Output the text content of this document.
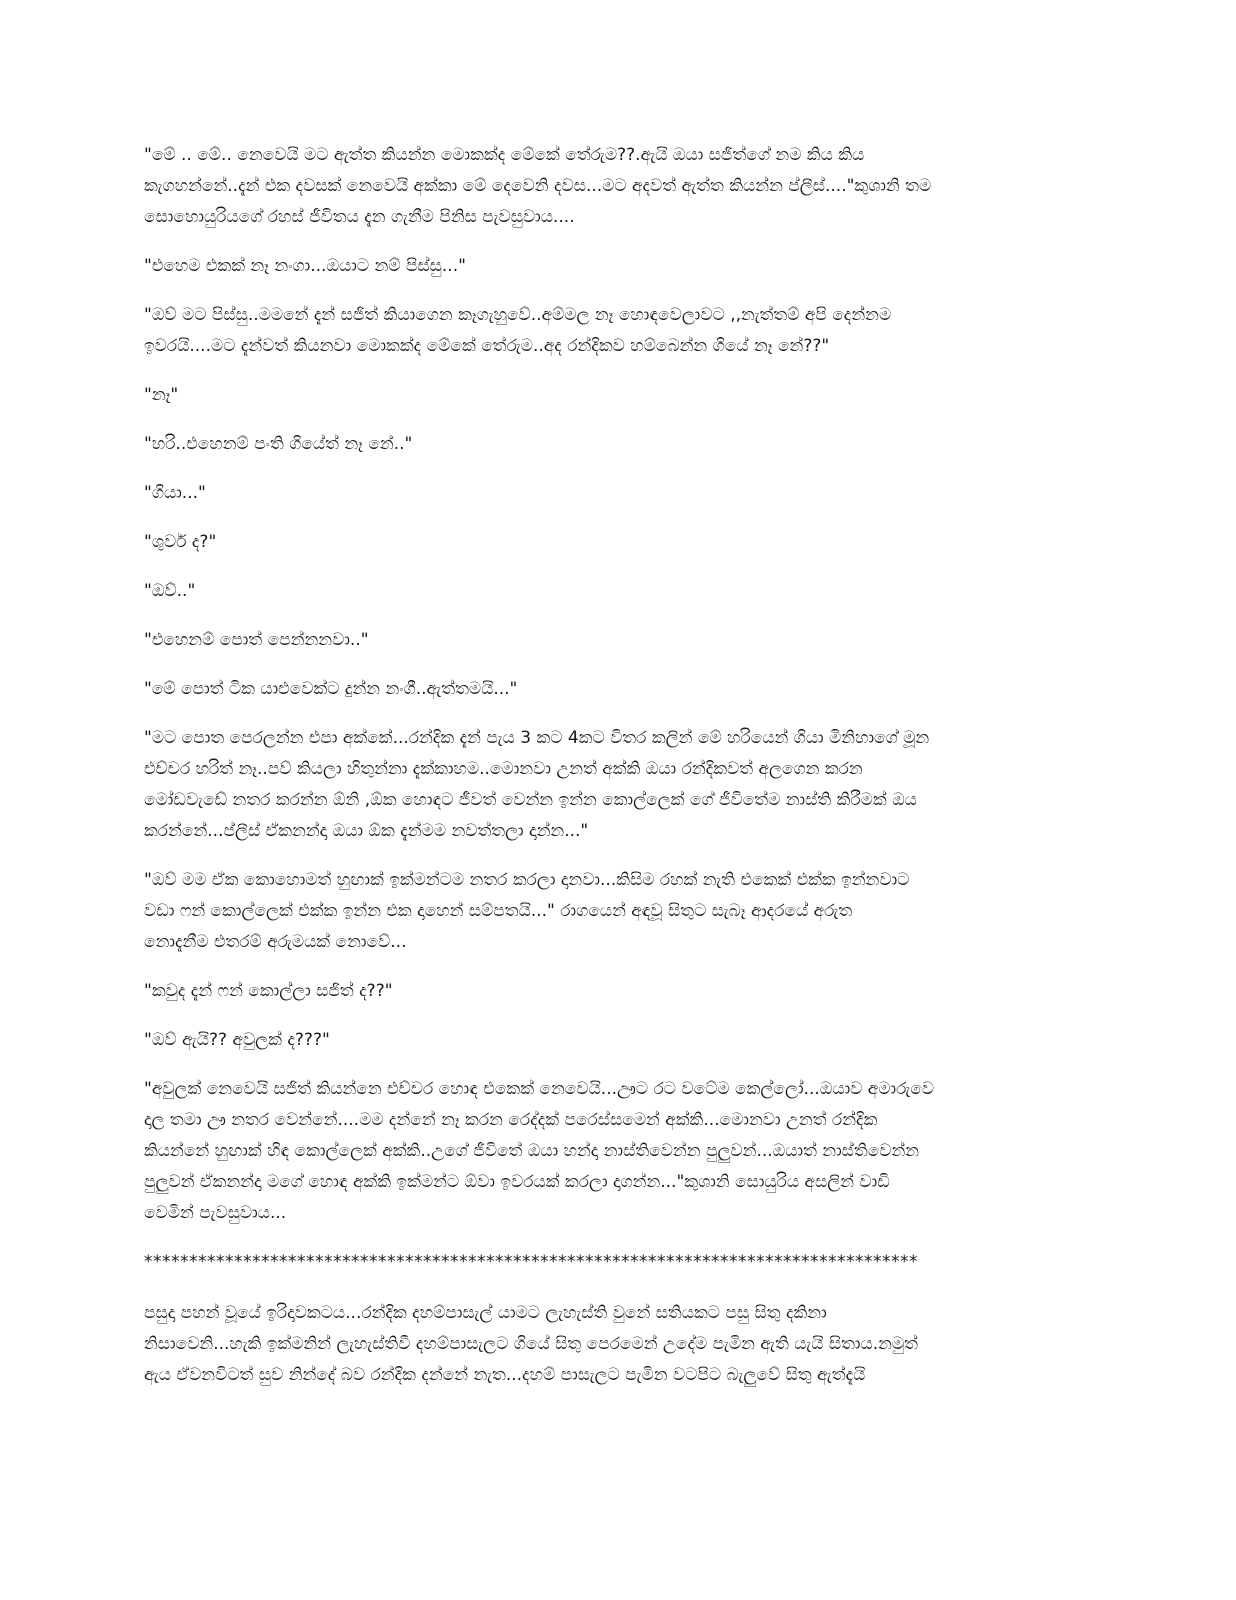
"මේ .. මේ.. නෙවෙයි මට ඇත්ත කියන්න මොකක්ද මේකේ තේරුම??.ඇයි ඔයා සජිත්ගේ නම කිය කිය
කැගහන්නේ..දැන් එක දවසක් නෙවෙයි අක්කා මේ දෙවෙනි දවස...මට අදවත් ඇත්ත කියන්න ප්ලීස්...."කුශානි තම
සොහොයුරියගේ රහස් ජීවිතය දැන ගැනීම පිනිස පැවසුවාය....

"එහෙම එකක් නෑ නංගා...ඔයාට නම් පිස්සු..."

"ඔව් මට පිස්සු..මමනේ දැන් සජිත් කියාගෙන කෑගැහුවේ..අම්මල නෑ හොඳවෙලාවට ,,නැත්තම් අපි දෙන්නම
ඉවරයි....මට දැන්වත් කියනවා මොකක්ද මේකේ තේරුම..අද රන්දිකව හම්බෙන්න ගියේ නෑ නේ??"

"නෑ"

"හරි..එහෙනම් පංති ගියේත් නෑ නේ.."

"ගියා..."

"ශුවර් ද?"

"ඔව්.."

"එහෙනම් පොත් පෙන්නනවා.."

"මේ පොත් ටික යාළුවෙක්ට දුන්න නංගී..ඇත්තමයි..."

"මට පොත පෙරලන්න එපා අක්කේ...රන්දික දැන් පැය 3 කට 4කට විතර කලින් මේ හරියෙන් ගියා මිනිහාගේ මූන
එච්චර හරිත් නෑ..පව් කියලා හිතුන්නා දැක්කාහම..මොනවා උනත් අක්කි ඔයා රන්දිකවත් අලගෙන කරන
මෝඩවැඩේ නතර කරන්න ඕනි ,ඕක හොඳට ජීවත් වෙන්න ඉන්න කොල්ලෙක් ගේ ජීවිතේම නාස්ති කිරීමක් ඔය
කරන්නේ...ප්ලීස් ඒකනන්දා ඔයා ඕක දැන්මම නවත්තලා දාන්න..."

"ඔව් මම ඒක කොහොමත් හුඟාක් ඉක්මන්ටම නතර කරලා දානවා...කිසිම රහක් නැති එකෙක් එක්ක ඉන්නවාට
වඩා ෆන් කොල්ලෙක් එක්ක ඉන්න එක දාහෙන් සම්පතයි..." රාගයෙන් අඳවූ සිතුට සැබෑ ආදරයේ අරුත
නොදැනීම එතරම් අරුමයක් නොවේ...

"කවුද දැන් ෆන් කොල්ලා සජිත් ද??"

"ඔව් ඇයි?? අවුලක් ද???"

"අවුලක් නෙවෙයි සජිත් කියන්නෙ එච්චර හොඳ එකෙක් නෙවෙයි...ඌට රට වටේම කෙල්ලෝ...ඔයාව අමාරුවෙ
දාල තමා ඌ නතර වෙන්නේ....මම දන්නේ නෑ කරන රෙද්දක් පරෙස්සමෙන් අක්කි...මොනවා උනත් රන්දික
කියන්නේ හුඟාක් හිඳ කොල්ලෙක් අක්කි..උගේ ජීවිතේ ඔයා හන්දා නාස්තිවෙන්න පුලුවන්...ඔයාත් නාස්තිවෙන්න
පුලුවන් ඒකනන්දා මගේ හොඳ අක්කි ඉක්මන්ට ඕවා ඉවරයක් කරලා දාගන්න..."කුශානි සොයුරිය අසලින් වාඩි
වෙමින් පැවසුවාය...

**************************************************************************************

පසුදා පහන් වූයේ ඉරිදාවකටය...රන්දික දහම්පාසැල් යාමට ලැහැස්ති වුනේ සතියකට පසු සිතු දකිනා
නිසාවෙනි...හැකි ඉක්මනින් ලැහැස්තිවී දහම්පාසැලට ගියේ සිතු පෙරමෙන් උදේම පැමින ඇති යැයි සිතාය.නමුත්
ඇය ඒවනවිටත් සුව නින්දේ බව රන්දික දන්නේ නැත...දහම් පාසැලට පැමින වටපිට බැලුවේ සිතු ඇත්දැයි
